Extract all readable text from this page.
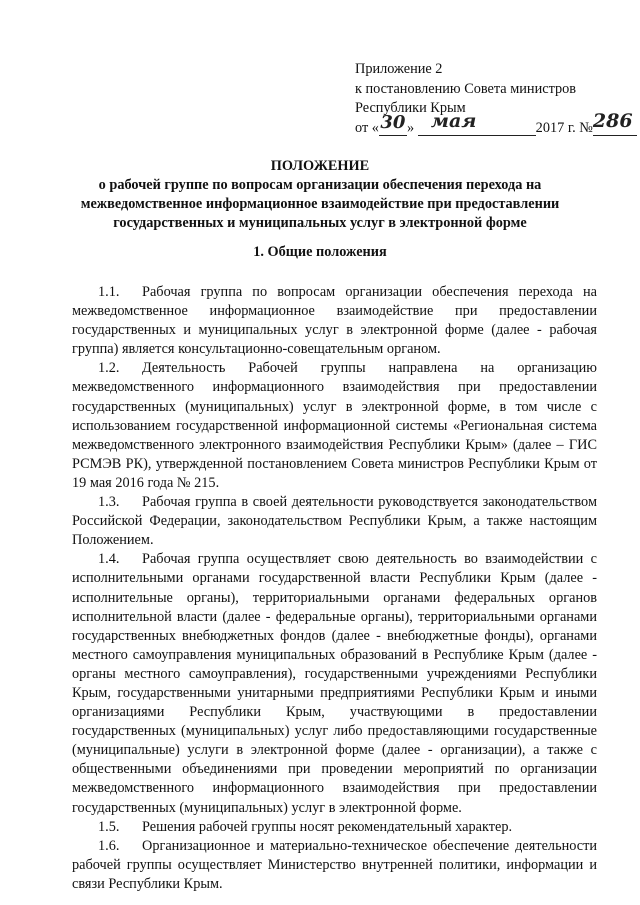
Приложение 2
к постановлению Совета министров
Республики Крым
от «30» мая	2017 г. №286
ПОЛОЖЕНИЕ
о рабочей группе по вопросам организации обеспечения перехода на
межведомственное информационное взаимодействие при предоставлении
государственных и муниципальных услуг в электронной форме
1. Общие положения

1.1. Рабочая группа по вопросам организации обеспечения перехода на межведомственное информационное взаимодействие при предоставлении государственных и муниципальных услуг в электронной форме (далее - рабочая группа) является консультационно-совещательным органом.

1.2. Деятельность Рабочей группы направлена на организацию межведомственного информационного взаимодействия при предоставлении государственных (муниципальных) услуг в электронной форме, в том числе с использованием государственной информационной системы «Региональная система межведомственного электронного взаимодействия Республики Крым» (далее – ГИС РСМЭВ РК), утвержденной постановлением Совета министров Республики Крым от 19 мая 2016 года № 215.

1.3. Рабочая группа в своей деятельности руководствуется законодательством Российской Федерации, законодательством Республики Крым, а также настоящим Положением.

1.4. Рабочая группа осуществляет свою деятельность во взаимодействии с исполнительными органами государственной власти Республики Крым (далее - исполнительные органы), территориальными органами федеральных органов исполнительной власти (далее - федеральные органы), территориальными органами государственных внебюджетных фондов (далее - внебюджетные фонды), органами местного самоуправления муниципальных образований в Республике Крым (далее - органы местного самоуправления), государственными учреждениями Республики Крым, государственными унитарными предприятиями Республики Крым и иными организациями Республики Крым, участвующими в предоставлении государственных (муниципальных) услуг либо предоставляющими государственные (муниципальные) услуги в электронной форме (далее - организации), а также с общественными объединениями при проведении мероприятий по организации межведомственного информационного взаимодействия при предоставлении государственных (муниципальных) услуг в электронной форме.

1.5. Решения рабочей группы носят рекомендательный характер.

1.6. Организационное и материально-техническое обеспечение деятельности рабочей группы осуществляет Министерство внутренней политики, информации и связи Республики Крым.
